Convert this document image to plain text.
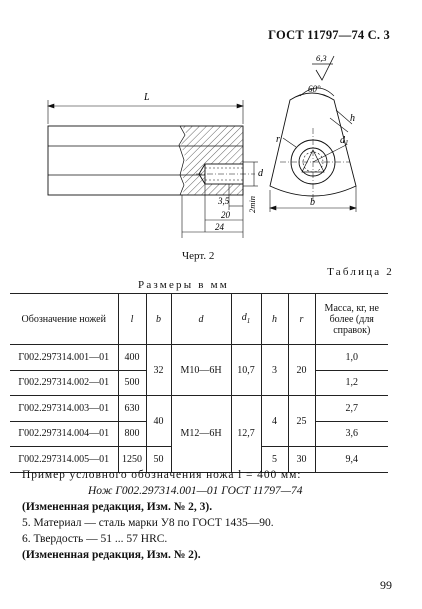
ГОСТ 11797—74 С. 3
L
d
2min
3,5
20
24
6,3
60°
h
r	$d_1$
b
Черт. 2
Таблица 2
Размеры в мм
Обозначение ножей	l	b	d	$d_1$	h	r	Масса, кг, не более (для справок)
Г002.297314.001—01	400	32	M10—6H	10,7	3	20	1,0
Г002.297314.002—01	500						1,2
Г002.297314.003—01	630	40	M12—6H	12,7	4	25	2,7
Г002.297314.004—01	800						3,6
Г002.297314.005—01	1250	50			5	30	9,4
Пример условного обозначения ножа l = 400 мм:
Нож Г002.297314.001—01 ГОСТ 11797—74
(Измененная редакция, Изм. № 2, 3).
5. Материал — сталь марки У8 по ГОСТ 1435—90.
6. Твердость — 51 ... 57 HRC.
(Измененная редакция, Изм. № 2).
99
